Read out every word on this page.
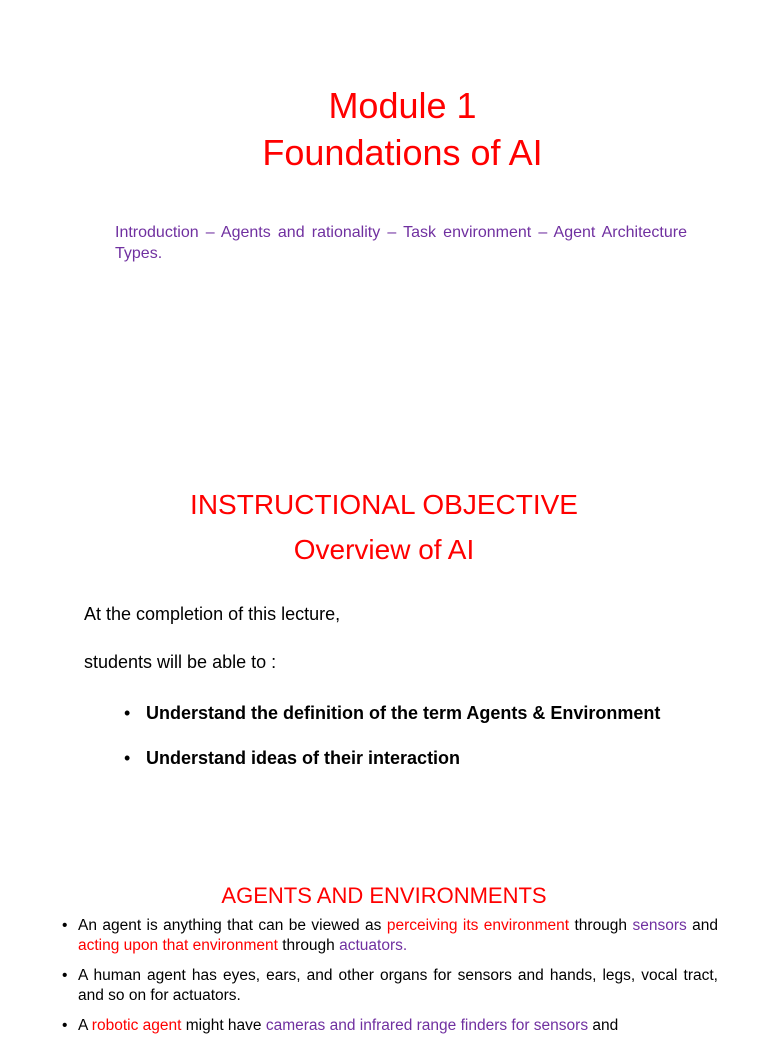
Module 1
Foundations of AI
Introduction – Agents and rationality – Task environment – Agent Architecture Types.
INSTRUCTIONAL OBJECTIVE
Overview of AI
At the completion of this lecture,
students will be able to :
• Understand the definition of the term Agents & Environment
• Understand ideas of their interaction
AGENTS AND ENVIRONMENTS
• An agent is anything that can be viewed as perceiving its environment through sensors and acting upon that environment through actuators.
• A human agent has eyes, ears, and other organs for sensors and hands, legs, vocal tract, and so on for actuators.
• A robotic agent might have cameras and infrared range finders for sensors and
